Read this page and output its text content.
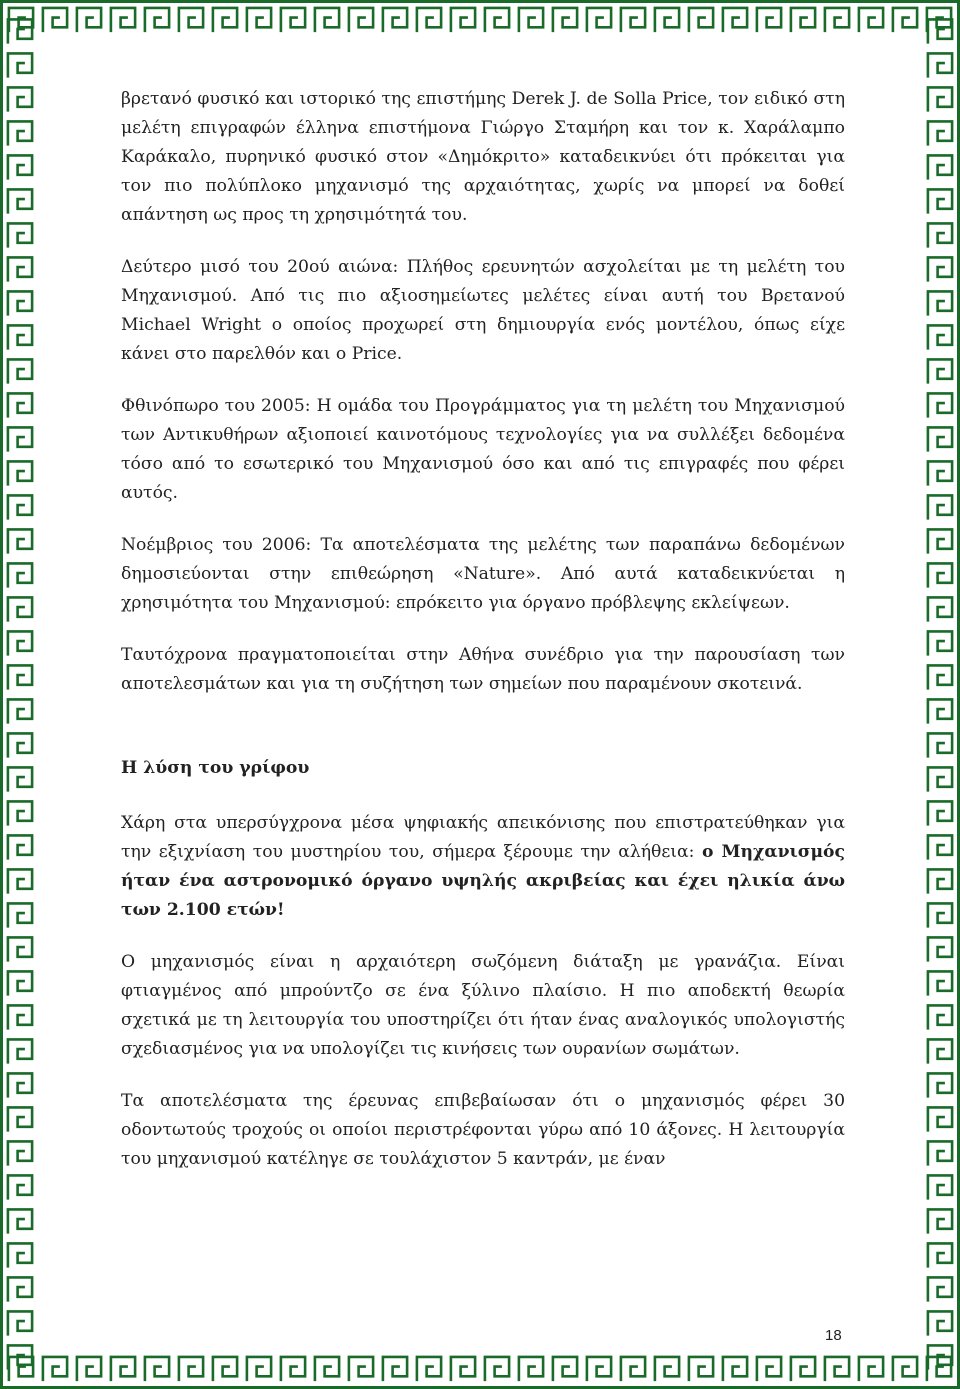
βρετανό φυσικό και ιστορικό της επιστήμης Derek J. de Solla Price, τον ειδικό στη μελέτη επιγραφών έλληνα επιστήμονα Γιώργο Σταμήρη και τον κ. Χαράλαμπο Καράκαλο, πυρηνικό φυσικό στον «Δημόκριτο» καταδεικνύει ότι πρόκειται για τον πιο πολύπλοκο μηχανισμό της αρχαιότητας, χωρίς να μπορεί να δοθεί απάντηση ως προς τη χρησιμότητά του.

Δεύτερο μισό του 20ού αιώνα: Πλήθος ερευνητών ασχολείται με τη μελέτη του Μηχανισμού. Από τις πιο αξιοσημείωτες μελέτες είναι αυτή του Βρετανού Michael Wright ο οποίος προχωρεί στη δημιουργία ενός μοντέλου, όπως είχε κάνει στο παρελθόν και ο Price.

Φθινόπωρο του 2005: Η ομάδα του Προγράμματος για τη μελέτη του Μηχανισμού των Αντικυθήρων αξιοποιεί καινοτόμους τεχνολογίες για να συλλέξει δεδομένα τόσο από το εσωτερικό του Μηχανισμού όσο και από τις επιγραφές που φέρει αυτός.

Νοέμβριος του 2006: Τα αποτελέσματα της μελέτης των παραπάνω δεδομένων δημοσιεύονται στην επιθεώρηση «Nature». Από αυτά καταδεικνύεται η χρησιμότητα του Μηχανισμού: επρόκειτο για όργανο πρόβλεψης εκλείψεων.

Ταυτόχρονα πραγματοποιείται στην Αθήνα συνέδριο για την παρουσίαση των αποτελεσμάτων και για τη συζήτηση των σημείων που παραμένουν σκοτεινά.

Η λύση του γρίφου

Χάρη στα υπερσύγχρονα μέσα ψηφιακής απεικόνισης που επιστρατεύθηκαν για την εξιχνίαση του μυστηρίου του, σήμερα ξέρουμε την αλήθεια: ο Μηχανισμός ήταν ένα αστρονομικό όργανο υψηλής ακριβείας και έχει ηλικία άνω των 2.100 ετών!

Ο μηχανισμός είναι η αρχαιότερη σωζόμενη διάταξη με γρανάζια. Είναι φτιαγμένος από μπρούντζο σε ένα ξύλινο πλαίσιο. Η πιο αποδεκτή θεωρία σχετικά με τη λειτουργία του υποστηρίζει ότι ήταν ένας αναλογικός υπολογιστής σχεδιασμένος για να υπολογίζει τις κινήσεις των ουρανίων σωμάτων.

Τα αποτελέσματα της έρευνας επιβεβαίωσαν ότι ο μηχανισμός φέρει 30 οδοντωτούς τροχούς οι οποίοι περιστρέφονται γύρω από 10 άξονες. Η λειτουργία του μηχανισμού κατέληγε σε τουλάχιστον 5 καντράν, με έναν

18
